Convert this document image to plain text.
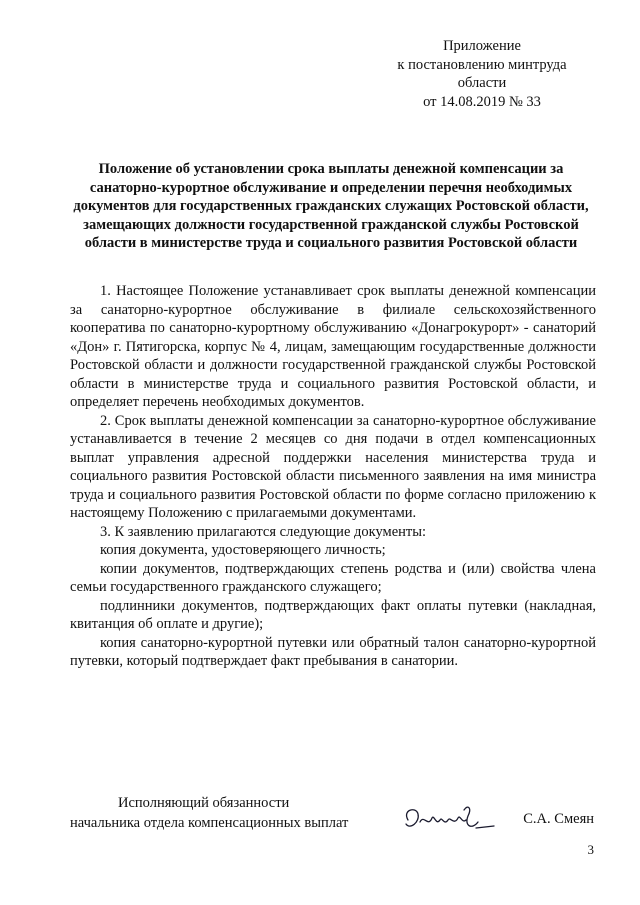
Приложение
к постановлению минтруда
области
от 14.08.2019 № 33
Положение об установлении срока выплаты денежной компенсации за санаторно-курортное обслуживание и определении перечня необходимых документов для государственных гражданских служащих Ростовской области, замещающих должности государственной гражданской службы Ростовской области в министерстве труда и социального развития Ростовской области

1. Настоящее Положение устанавливает срок выплаты денежной компенсации за санаторно-курортное обслуживание в филиале сельскохозяйственного кооператива по санаторно-курортному обслуживанию «Донагрокурорт» - санаторий «Дон» г. Пятигорска, корпус № 4, лицам, замещающим государственные должности Ростовской области и должности государственной гражданской службы Ростовской области в министерстве труда и социального развития Ростовской области, и определяет перечень необходимых документов.

2. Срок выплаты денежной компенсации за санаторно-курортное обслуживание устанавливается в течение 2 месяцев со дня подачи в отдел компенсационных выплат управления адресной поддержки населения министерства труда и социального развития Ростовской области письменного заявления на имя министра труда и социального развития Ростовской области по форме согласно приложению к настоящему Положению с прилагаемыми документами.

3. К заявлению прилагаются следующие документы:

копия документа, удостоверяющего личность;

копии документов, подтверждающих степень родства и (или) свойства члена семьи государственного гражданского служащего;

подлинники документов, подтверждающих факт оплаты путевки (накладная, квитанция об оплате и другие);

копия санаторно-курортной путевки или обратный талон санаторно-курортной путевки, который подтверждает факт пребывания в санатории.

Исполняющий обязанности
начальника отдела компенсационных выплат	С.А. Смеян
3
